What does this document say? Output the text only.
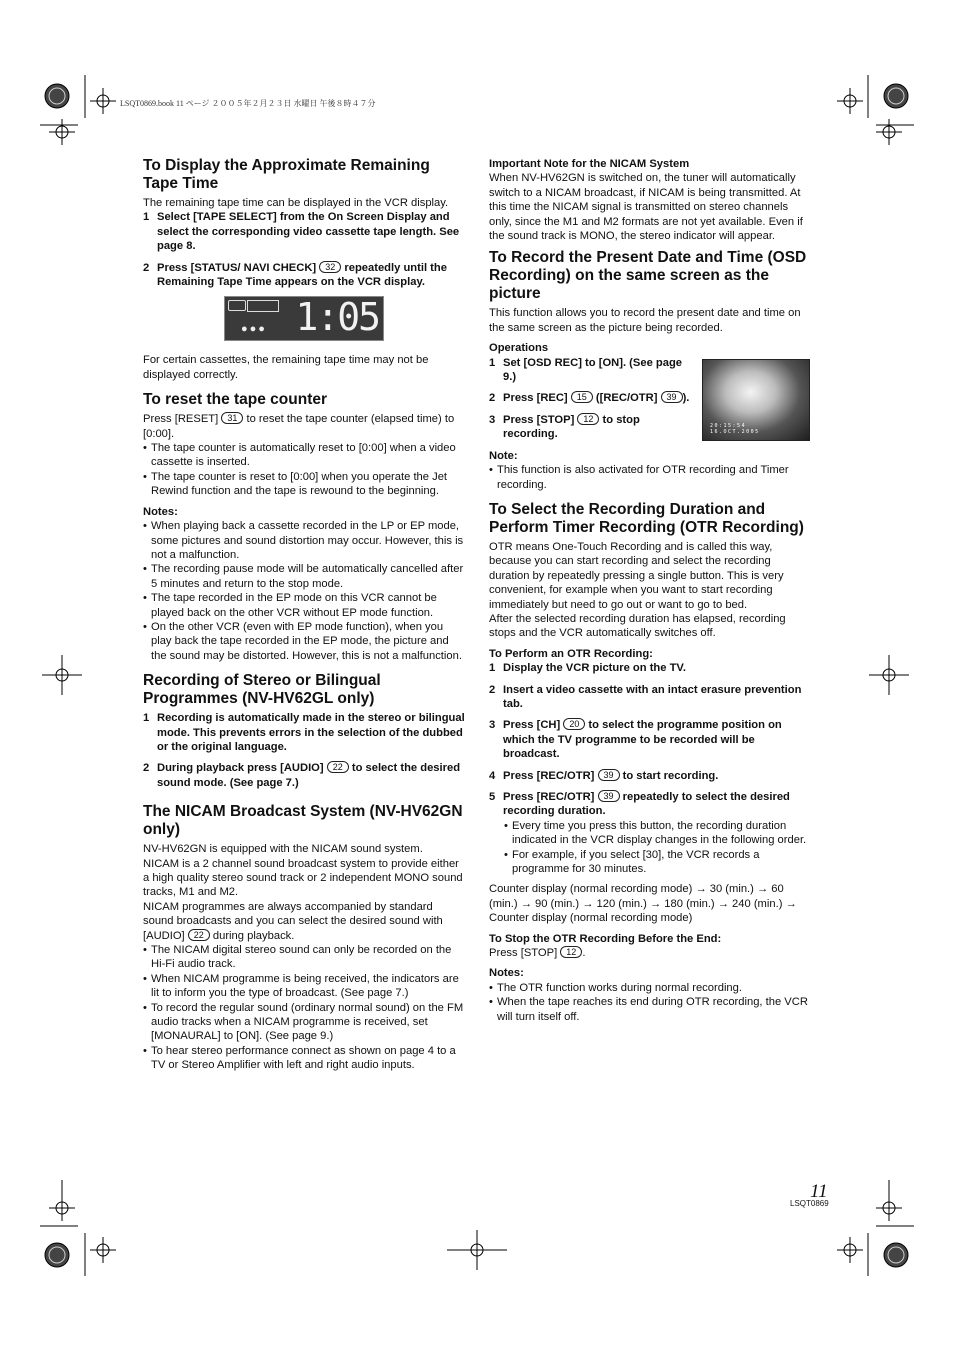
LSQT0869.book 11 ページ ２００５年２月２３日 水曜日 午後８時４７分
To Display the Approximate Remaining Tape Time

The remaining tape time can be displayed in the VCR display.

1 Select [TAPE SELECT] from the On Screen Display and select the corresponding video cassette tape length. See page 8.
2 Press [STATUS/ NAVI CHECK] 32 repeatedly until the Remaining Tape Time appears on the VCR display.
●●● 1:05

For certain cassettes, the remaining tape time may not be displayed correctly.

To reset the tape counter

Press [RESET] 31 to reset the tape counter (elapsed time) to [0:00].

• The tape counter is automatically reset to [0:00] when a video cassette is inserted.

• The tape counter is reset to [0:00] when you operate the Jet Rewind function and the tape is rewound to the beginning.

Notes:

• When playing back a cassette recorded in the LP or EP mode, some pictures and sound distortion may occur. However, this is not a malfunction.

• The recording pause mode will be automatically cancelled after 5 minutes and return to the stop mode.

• The tape recorded in the EP mode on this VCR cannot be played back on the other VCR without EP mode function.

• On the other VCR (even with EP mode function), when you play back the tape recorded in the EP mode, the picture and the sound may be distorted. However, this is not a malfunction.

Recording of Stereo or Bilingual Programmes (NV-HV62GL only)
1 Recording is automatically made in the stereo or bilingual mode. This prevents errors in the selection of the dubbed or the original language.
2 During playback press [AUDIO] 22 to select the desired sound mode. (See page 7.)
The NICAM Broadcast System (NV-HV62GN only)

NV-HV62GN is equipped with the NICAM sound system.

NICAM is a 2 channel sound broadcast system to provide either a high quality stereo sound track or 2 independent MONO sound tracks, M1 and M2.

NICAM programmes are always accompanied by standard sound broadcasts and you can select the desired sound with [AUDIO] 22 during playback.

• The NICAM digital stereo sound can only be recorded on the Hi-Fi audio track.

• When NICAM programme is being received, the indicators are lit to inform you the type of broadcast. (See page 7.)

• To record the regular sound (ordinary normal sound) on the FM audio tracks when a NICAM programme is received, set [MONAURAL] to [ON]. (See page 9.)

• To hear stereo performance connect as shown on page 4 to a TV or Stereo Amplifier with left and right audio inputs.

Important Note for the NICAM System

When NV-HV62GN is switched on, the tuner will automatically switch to a NICAM broadcast, if NICAM is being transmitted. At this time the NICAM signal is transmitted on stereo channels only, since the M1 and M2 formats are not yet available. Even if the sound track is MONO, the stereo indicator will appear.

To Record the Present Date and Time (OSD Recording) on the same screen as the picture

This function allows you to record the present date and time on the same screen as the picture being recorded.

20:15:54
16.OCT.2005

Operations

1 Set [OSD REC] to [ON]. (See page 9.)
2 Press [REC] 15 ([REC/OTR] 39 ).
3 Press [STOP] 12 to stop recording.

Note:

• This function is also activated for OTR recording and Timer recording.

To Select the Recording Duration and Perform Timer Recording (OTR Recording)

OTR means One-Touch Recording and is called this way, because you can start recording and select the recording duration by repeatedly pressing a single button. This is very convenient, for example when you want to start recording immediately but need to go out or want to go to bed.

After the selected recording duration has elapsed, recording stops and the VCR automatically switches off.

To Perform an OTR Recording:

1 Display the VCR picture on the TV.
2 Insert a video cassette with an intact erasure prevention tab.
3 Press [CH] 20 to select the programme position on which the TV programme to be recorded will be broadcast.
4 Press [REC/OTR] 39 to start recording.
5 Press [REC/OTR] 39 repeatedly to select the desired recording duration.

• Every time you press this button, the recording duration indicated in the VCR display changes in the following order.

• For example, if you select [30], the VCR records a programme for 30 minutes.

Counter display (normal recording mode) → 30 (min.) → 60 (min.) → 90 (min.) → 120 (min.) → 180 (min.) → 240 (min.) → Counter display (normal recording mode)

To Stop the OTR Recording Before the End:

Press [STOP] 12 .

Notes:

• The OTR function works during normal recording.

• When the tape reaches its end during OTR recording, the VCR will turn itself off.

11
LSQT0869
